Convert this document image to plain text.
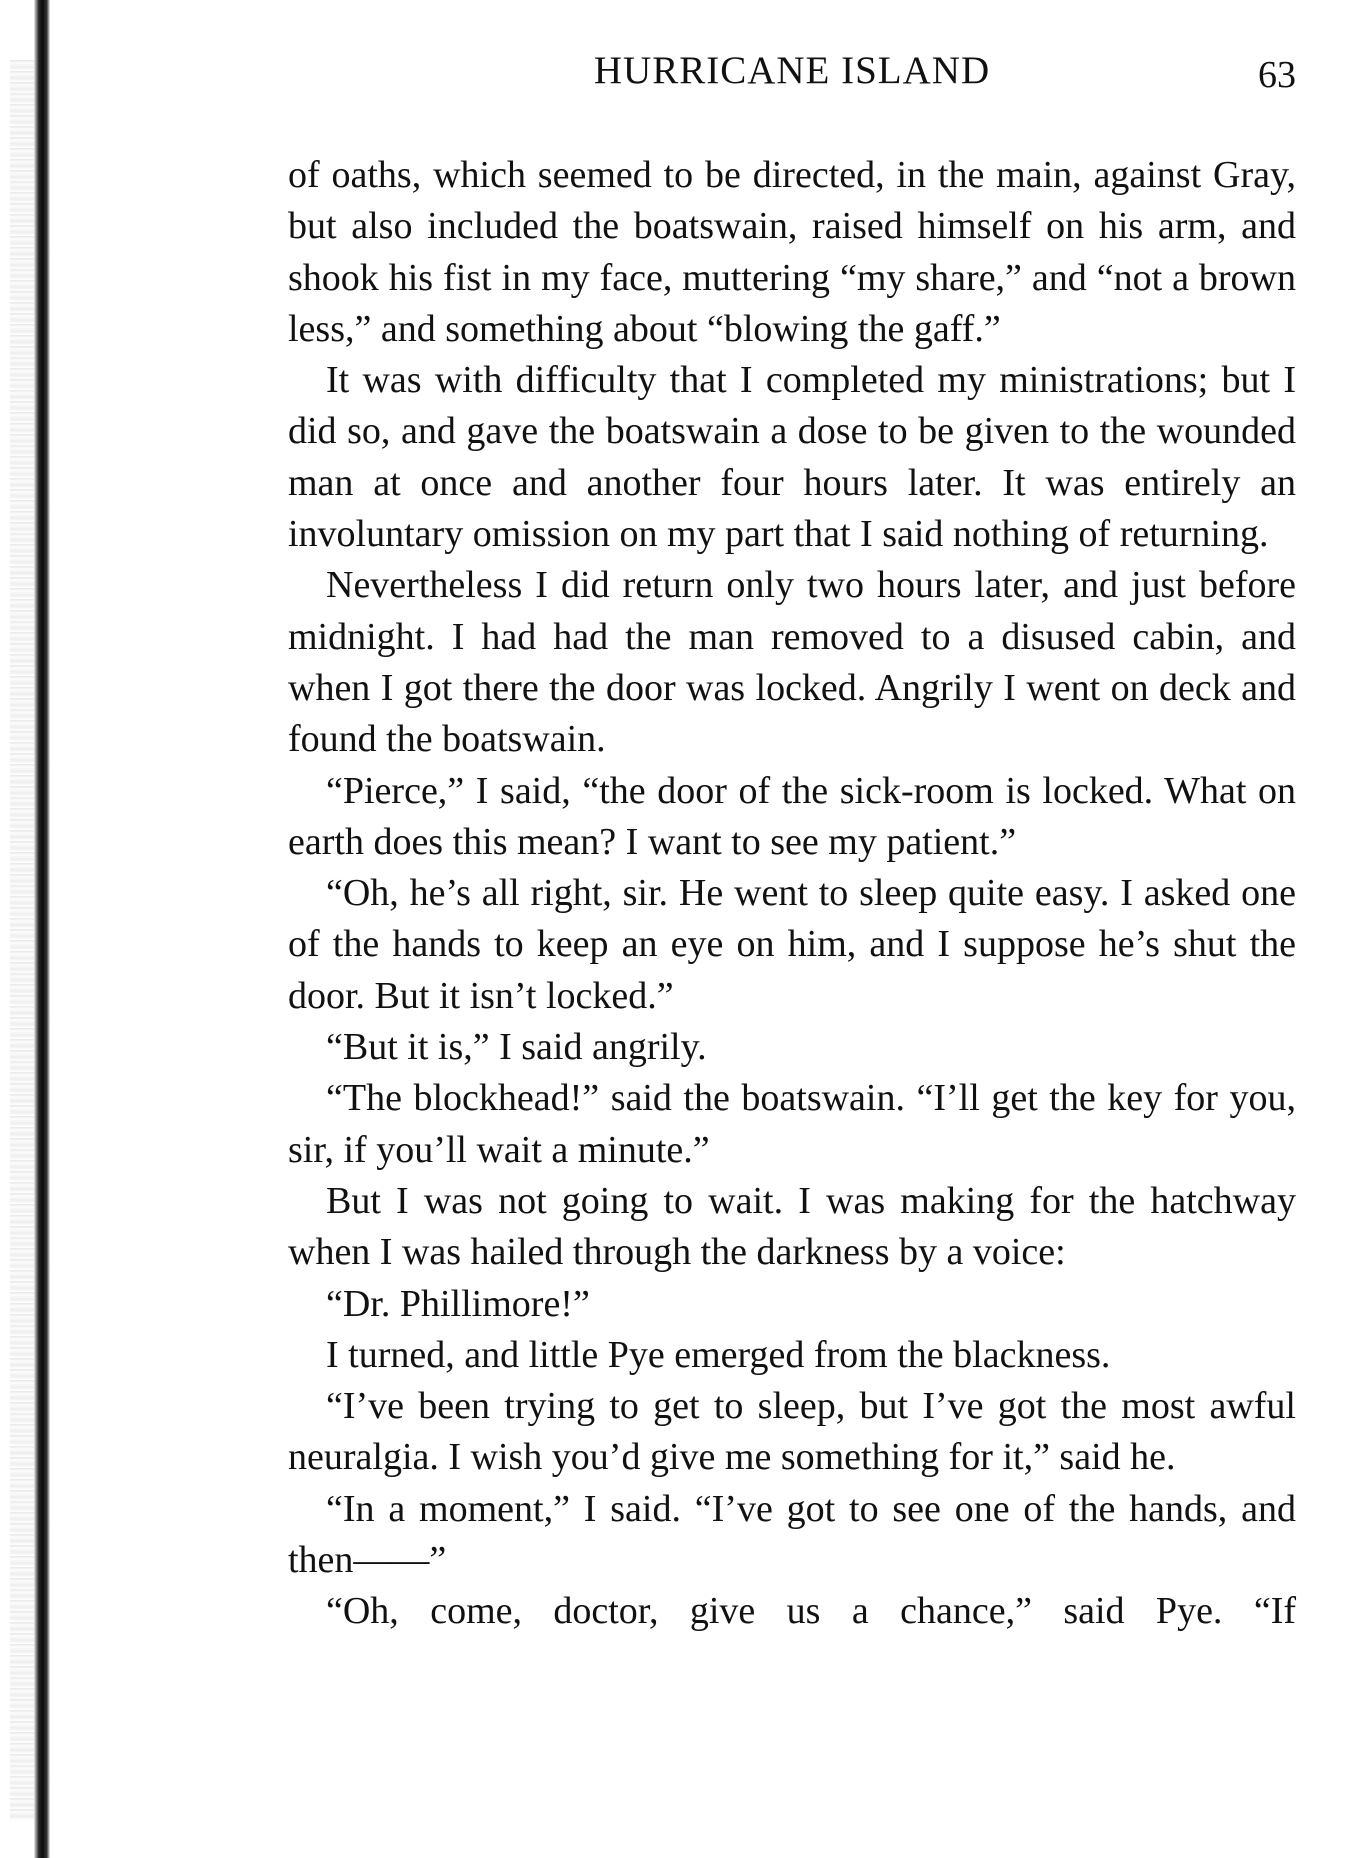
HURRICANE ISLAND	63

of oaths, which seemed to be directed, in the main, against Gray, but also included the boatswain, raised himself on his arm, and shook his fist in my face, muttering “my share,” and “not a brown less,” and something about “blowing the gaff.”

It was with difficulty that I completed my ministrations; but I did so, and gave the boatswain a dose to be given to the wounded man at once and another four hours later. It was entirely an involuntary omission on my part that I said nothing of returning.

Nevertheless I did return only two hours later, and just before midnight. I had had the man removed to a disused cabin, and when I got there the door was locked. Angrily I went on deck and found the boatswain.

“Pierce,” I said, “the door of the sick-room is locked. What on earth does this mean? I want to see my patient.”

“Oh, he’s all right, sir. He went to sleep quite easy. I asked one of the hands to keep an eye on him, and I suppose he’s shut the door. But it isn’t locked.”

“But it is,” I said angrily.

“The blockhead!” said the boatswain. “I’ll get the key for you, sir, if you’ll wait a minute.”

But I was not going to wait. I was making for the hatchway when I was hailed through the darkness by a voice:

“Dr. Phillimore!”

I turned, and little Pye emerged from the blackness.

“I’ve been trying to get to sleep, but I’ve got the most awful neuralgia. I wish you’d give me something for it,” said he.

“In a moment,” I said. “I’ve got to see one of the hands, and then——”

“Oh, come, doctor, give us a chance,” said Pye. “If
